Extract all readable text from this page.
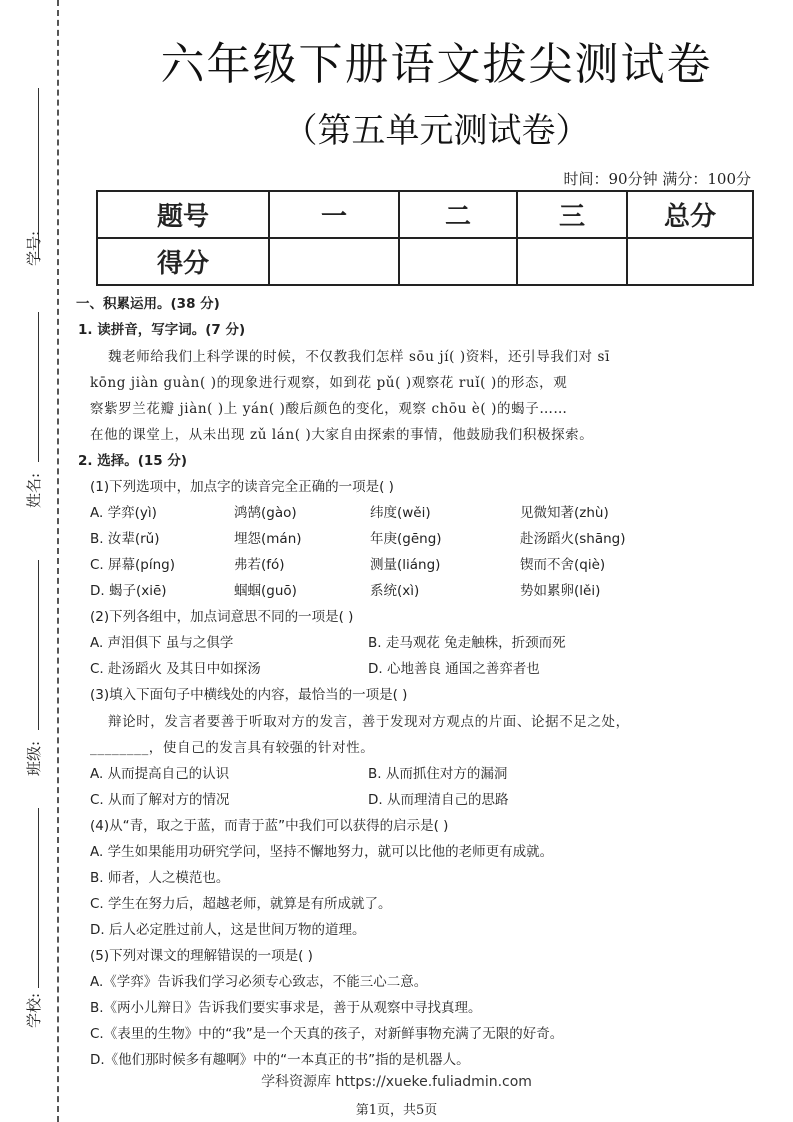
学号:
姓名:
班级:
学校:
六年级下册语文拔尖测试卷
（第五单元测试卷）
时间：90分钟 满分：100分
题号	一	二	三	总分
得分				
一、积累运用。(38 分)
1. 读拼音，写字词。(7 分)
魏老师给我们上科学课的时候，不仅教我们怎样 sōu jí( )资料，还引导我们对 sī
kōng jiàn guàn( )的现象进行观察，如到花 pǔ( )观察花 ruǐ( )的形态，观
察紫罗兰花瓣 jiàn( )上 yán( )酸后颜色的变化，观察 chōu è( )的蝎子……
在他的课堂上，从未出现 zǔ lán( )大家自由探索的事情，他鼓励我们积极探索。
2. 选择。(15 分)
(1)下列选项中，加点字的读音完全正确的一项是( )
A. 学弈(yì)	鸿鹄(gào)	纬度(wěi)	见微知著(zhù)
B. 汝辈(rǔ)	埋怨(mán)	年庚(gēng)	赴汤蹈火(shāng)
C. 屏幕(píng)	弗若(fó)	测量(liáng)	锲而不舍(qiè)
D. 蝎子(xiē)	蝈蝈(guō)	系统(xì)	势如累卵(lěi)
(2)下列各组中，加点词意思不同的一项是( )
A. 声泪俱下 虽与之俱学	B. 走马观花 兔走触株，折颈而死
C. 赴汤蹈火 及其日中如探汤	D. 心地善良 通国之善弈者也
(3)填入下面句子中横线处的内容，最恰当的一项是( )
辩论时，发言者要善于听取对方的发言，善于发现对方观点的片面、论据不足之处，
________，使自己的发言具有较强的针对性。
A. 从而提高自己的认识	B. 从而抓住对方的漏洞
C. 从而了解对方的情况	D. 从而理清自己的思路
(4)从“青，取之于蓝，而青于蓝”中我们可以获得的启示是( )
A. 学生如果能用功研究学问，坚持不懈地努力，就可以比他的老师更有成就。
B. 师者，人之模范也。
C. 学生在努力后，超越老师，就算是有所成就了。
D. 后人必定胜过前人，这是世间万物的道理。
(5)下列对课文的理解错误的一项是( )
A.《学弈》告诉我们学习必须专心致志，不能三心二意。
B.《两小儿辩日》告诉我们要实事求是，善于从观察中寻找真理。
C.《表里的生物》中的“我”是一个天真的孩子，对新鲜事物充满了无限的好奇。
D.《他们那时候多有趣啊》中的“一本真正的书”指的是机器人。
学科资源库 https://xueke.fuliadmin.com
第1页，共5页
